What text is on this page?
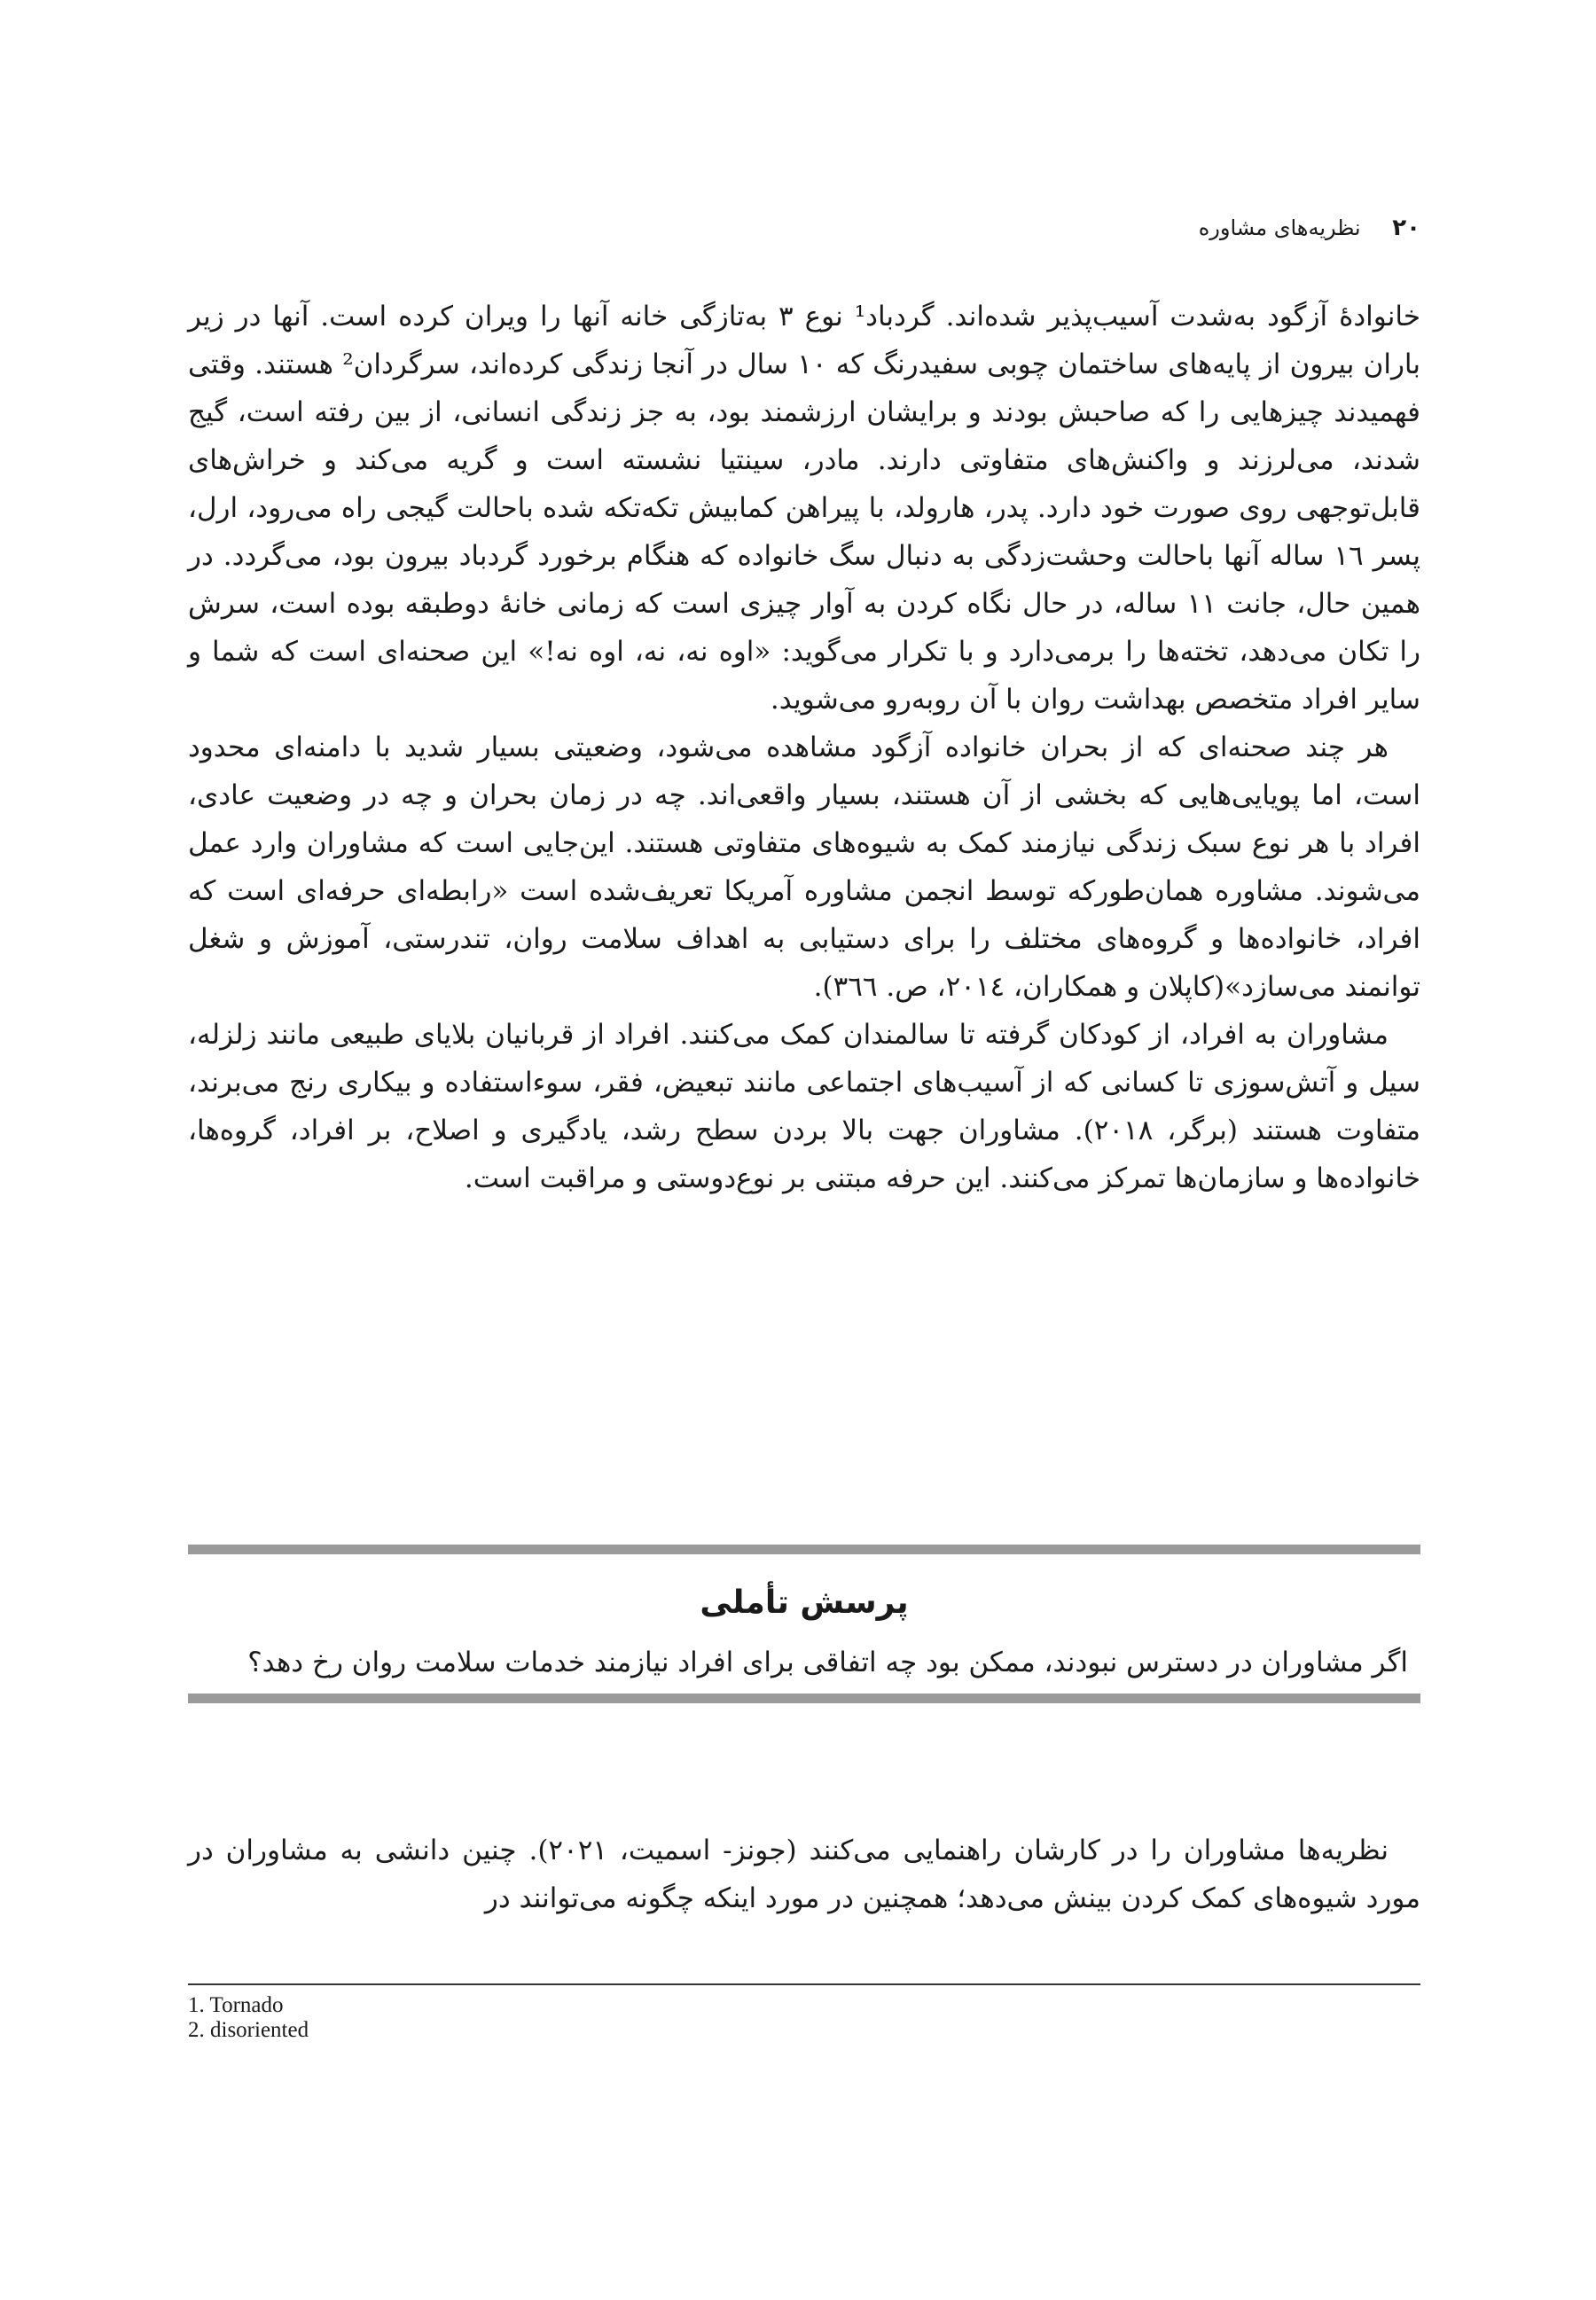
۲۰ نظریه‌های مشاوره

خانوادۀ آزگود به‌شدت آسیب‌پذیر شده‌اند. گردباد¹ نوع ۳ به‌تازگی خانه آنها را ویران کرده است. آنها در زیر باران بیرون از پایه‌های ساختمان چوبی سفیدرنگ که ۱۰ سال در آنجا زندگی کرده‌اند، سرگردان² هستند. وقتی فهمیدند چیزهایی را که صاحبش بودند و برایشان ارزشمند بود، به جز زندگی انسانی، از بین رفته است، گیج شدند، می‌لرزند و واکنش‌های متفاوتی دارند. مادر، سینتیا نشسته است و گریه می‌کند و خراش‌های قابل‌توجهی روی صورت خود دارد. پدر، هارولد، با پیراهن کمابیش تکه‌تکه شده باحالت گیجی راه می‌رود، ارل، پسر ۱٦ ساله آنها باحالت وحشت‌زدگی به دنبال سگ خانواده که هنگام برخورد گردباد بیرون بود، می‌گردد. در همین حال، جانت ۱۱ ساله، در حال نگاه کردن به آوار چیزی است که زمانی خانۀ دوطبقه بوده است، سرش را تکان می‌دهد، تخته‌ها را برمی‌دارد و با تکرار می‌گوید: «اوه نه، نه، اوه نه!» این صحنه‌ای است که شما و سایر افراد متخصص بهداشت روان با آن روبه‌رو می‌شوید.

هر چند صحنه‌ای که از بحران خانواده آزگود مشاهده می‌شود، وضعیتی بسیار شدید با دامنه‌ای محدود است، اما پویایی‌هایی که بخشی از آن هستند، بسیار واقعی‌اند. چه در زمان بحران و چه در وضعیت عادی، افراد با هر نوع سبک زندگی نیازمند کمک به شیوه‌های متفاوتی هستند. این‌جایی است که مشاوران وارد عمل می‌شوند. مشاوره همان‌طورکه توسط انجمن مشاوره آمریکا تعریف‌شده است «رابطه‌ای حرفه‌ای است که افراد، خانواده‌ها و گروه‌های مختلف را برای دستیابی به اهداف سلامت روان، تندرستی، آموزش و شغل توانمند می‌سازد»(کاپلان و همکاران، ۲۰۱٤، ص. ۳٦٦).

مشاوران به افراد، از کودکان گرفته تا سالمندان کمک می‌کنند. افراد از قربانیان بلایای طبیعی مانند زلزله، سیل و آتش‌سوزی تا کسانی که از آسیب‌های اجتماعی مانند تبعیض، فقر، سوءاستفاده و بیکاری رنج می‌برند، متفاوت هستند (برگر، ۲۰۱۸). مشاوران جهت بالا بردن سطح رشد، یادگیری و اصلاح، بر افراد، گروه‌ها، خانواده‌ها و سازمان‌ها تمرکز می‌کنند. این حرفه مبتنی بر نوع‌دوستی و مراقبت است.

پرسش تأملی
اگر مشاوران در دسترس نبودند، ممکن بود چه اتفاقی برای افراد نیازمند خدمات سلامت روان رخ دهد؟

نظریه‌ها مشاوران را در کارشان راهنمایی می‌کنند (جونز- اسمیت، ۲۰۲۱). چنین دانشی به مشاوران در مورد شیوه‌های کمک کردن بینش می‌دهد؛ همچنین در مورد اینکه چگونه می‌توانند در

1. Tornado
2. disoriented
